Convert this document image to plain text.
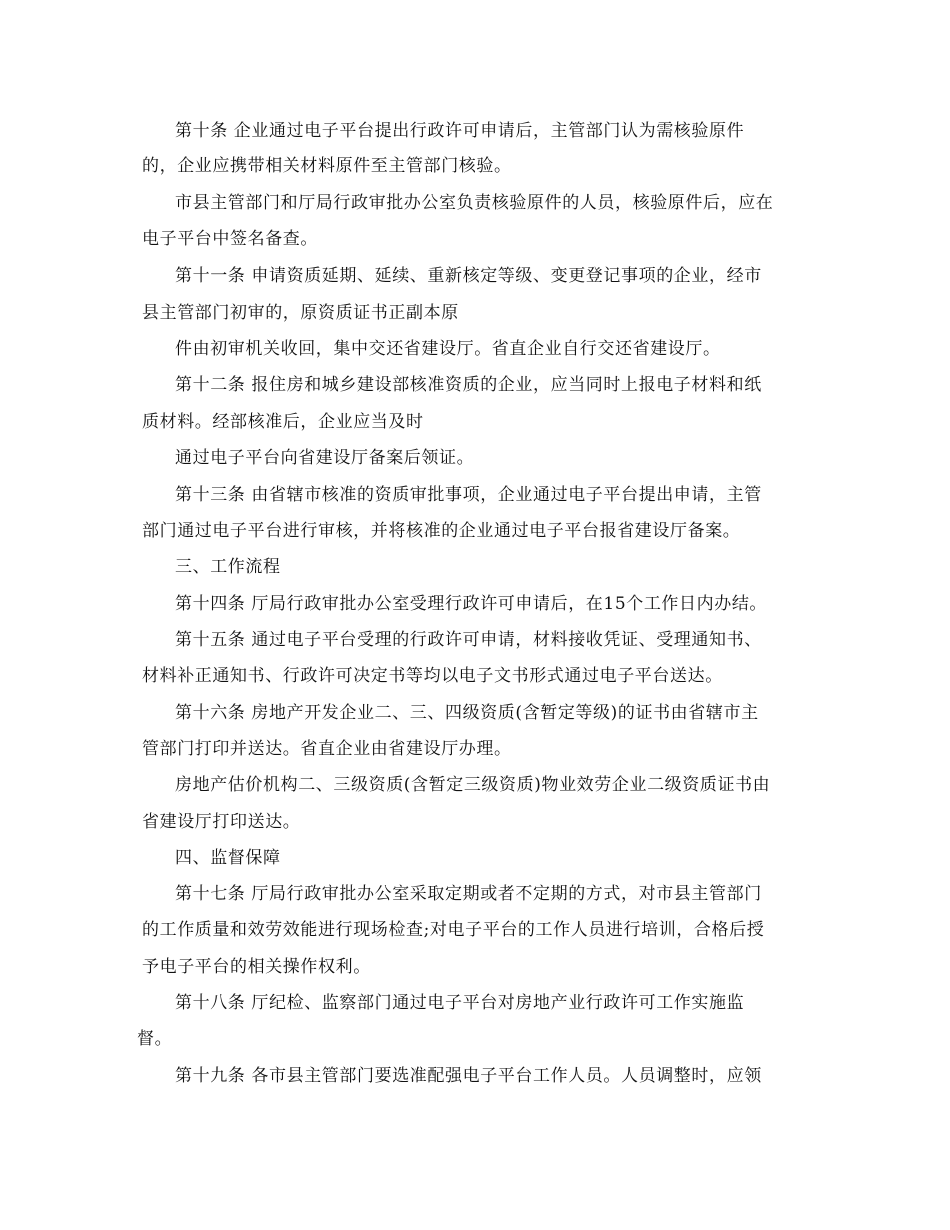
第十条 企业通过电子平台提出行政许可申请后，主管部门认为需核验原件
的，企业应携带相关材料原件至主管部门核验。
市县主管部门和厅局行政审批办公室负责核验原件的人员，核验原件后，应在
电子平台中签名备查。
第十一条 申请资质延期、延续、重新核定等级、变更登记事项的企业，经市
县主管部门初审的，原资质证书正副本原
件由初审机关收回，集中交还省建设厅。省直企业自行交还省建设厅。
第十二条 报住房和城乡建设部核准资质的企业，应当同时上报电子材料和纸
质材料。经部核准后，企业应当及时
通过电子平台向省建设厅备案后领证。
第十三条 由省辖市核准的资质审批事项，企业通过电子平台提出申请，主管
部门通过电子平台进行审核，并将核准的企业通过电子平台报省建设厅备案。
三、工作流程
第十四条 厅局行政审批办公室受理行政许可申请后，在15个工作日内办结。
第十五条 通过电子平台受理的行政许可申请，材料接收凭证、受理通知书、
材料补正通知书、行政许可决定书等均以电子文书形式通过电子平台送达。
第十六条 房地产开发企业二、三、四级资质(含暂定等级)的证书由省辖市主
管部门打印并送达。省直企业由省建设厅办理。
房地产估价机构二、三级资质(含暂定三级资质)物业效劳企业二级资质证书由
省建设厅打印送达。
四、监督保障
第十七条 厅局行政审批办公室采取定期或者不定期的方式，对市县主管部门
的工作质量和效劳效能进行现场检查;对电子平台的工作人员进行培训，合格后授
予电子平台的相关操作权利。
第十八条 厅纪检、监察部门通过电子平台对房地产业行政许可工作实施监
督。
第十九条 各市县主管部门要选准配强电子平台工作人员。人员调整时，应领
